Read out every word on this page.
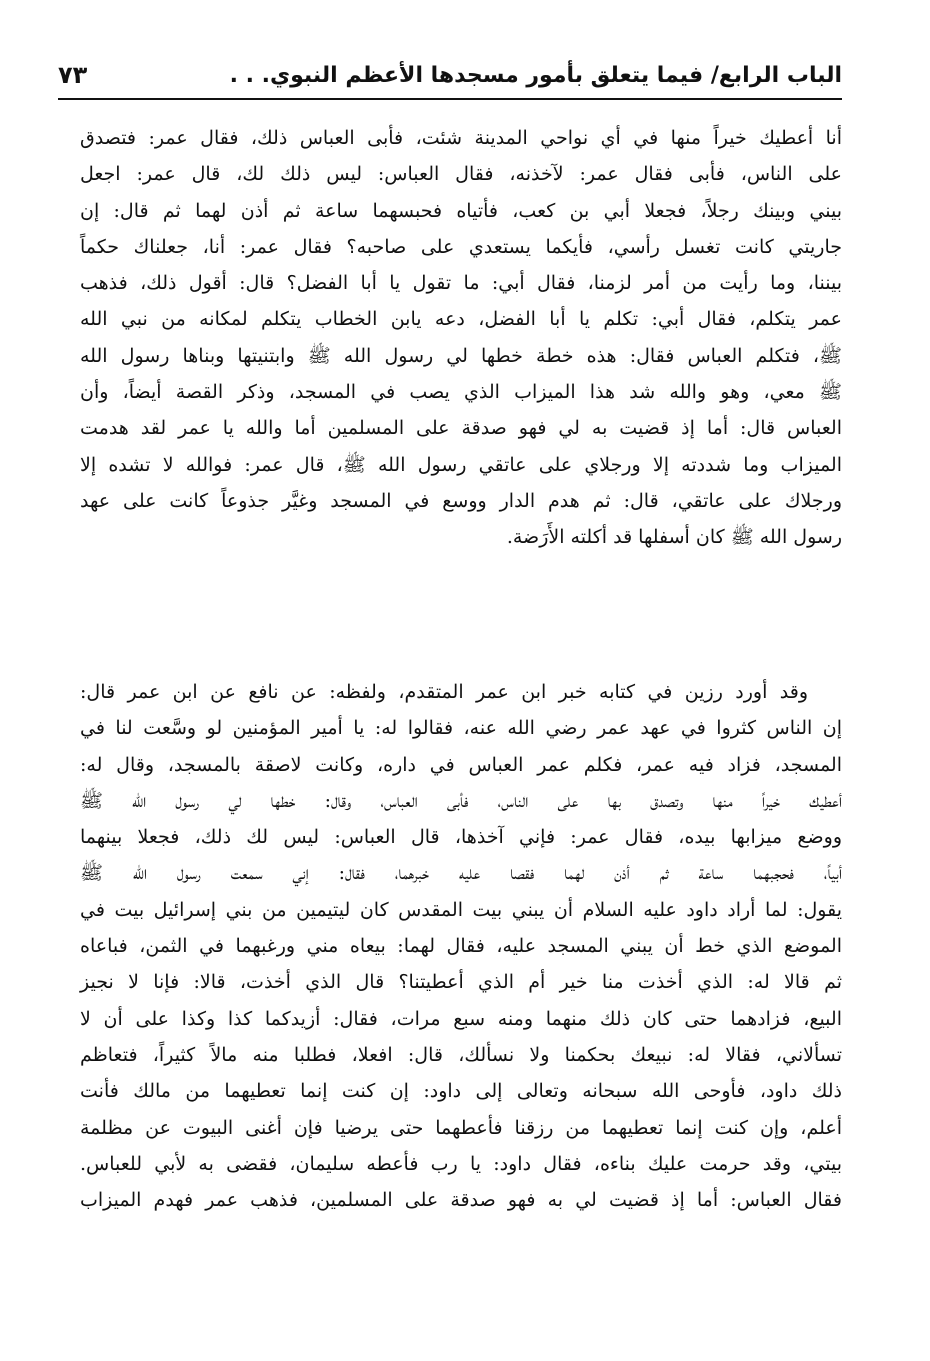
الباب الرابع/ فيما يتعلق بأمور مسجدها الأعظم النبوي. . .
٧٣
أنا أعطيك خيراً منها في أي نواحي المدينة شئت، فأبى العباس ذلك، فقال عمر: فتصدق
على الناس، فأبى فقال عمر: لآخذنه، فقال العباس: ليس ذلك لك، قال عمر: اجعل
بيني وبينك رجلاً، فجعلا أبي بن كعب، فأتياه فحبسهما ساعة ثم أذن لهما ثم قال: إن
جاريتي كانت تغسل رأسي، فأيكما يستعدي على صاحبه؟ فقال عمر: أنا، جعلناك حكماً
بيننا، وما رأيت من أمر لزمنا، فقال أبي: ما تقول يا أبا الفضل؟ قال: أقول ذلك، فذهب
عمر يتكلم، فقال أبي: تكلم يا أبا الفضل، دعه يابن الخطاب يتكلم لمكانه من نبي الله
ﷺ، فتكلم العباس فقال: هذه خطة خطها لي رسول الله ﷺ وابتنيتها وبناها رسول الله
ﷺ معي، وهو والله شد هذا الميزاب الذي يصب في المسجد، وذكر القصة أيضاً، وأن
العباس قال: أما إذ قضيت به لي فهو صدقة على المسلمين أما والله يا عمر لقد هدمت
الميزاب وما شددته إلا ورجلاي على عاتقي رسول الله ﷺ، قال عمر: فوالله لا تشده إلا
ورجلاك على عاتقي، قال: ثم هدم الدار ووسع في المسجد وغيَّر جذوعاً كانت على عهد
رسول الله ﷺ كان أسفلها قد أكلته الأَرَضة.
وقد أورد رزين في كتابه خبر ابن عمر المتقدم، ولفظه: عن نافع عن ابن عمر قال:
إن الناس كثروا في عهد عمر رضي الله عنه، فقالوا له: يا أمير المؤمنين لو وسَّعت لنا في
المسجد، فزاد فيه عمر، فكلم عمر العباس في داره، وكانت لاصقة بالمسجد، وقال له:
أعطيك خيراً منها وتصدق بها على الناس، فأبى العباس، وقال: خطها لي رسول الله ﷺ
ووضع ميزابها بيده، فقال عمر: فإني آخذها، قال العباس: ليس لك ذلك، فجعلا بينهما
أبياً، فحجبهما ساعة ثم أذن لهما فقصا عليه خبرهما، فقال: إني سمعت رسول الله ﷺ
يقول: لما أراد داود عليه السلام أن يبني بيت المقدس كان ليتيمين من بني إسرائيل بيت في
الموضع الذي خط أن يبني المسجد عليه، فقال لهما: بيعاه مني ورغبهما في الثمن، فباعاه
ثم قالا له: الذي أخذت منا خير أم الذي أعطيتنا؟ قال الذي أخذت، قالا: فإنا لا نجيز
البيع، فزادهما حتى كان ذلك منهما ومنه سبع مرات، فقال: أزيدكما كذا وكذا على أن لا
تسألاني، فقالا له: نبيعك بحكمنا ولا نسألك، قال: افعلا، فطلبا منه مالاً كثيراً، فتعاظم
ذلك داود، فأوحى الله سبحانه وتعالى إلى داود: إن كنت إنما تعطيهما من مالك فأنت
أعلم، وإن كنت إنما تعطيهما من رزقنا فأعطهما حتى يرضيا فإن أغنى البيوت عن مظلمة
بيتي، وقد حرمت عليك بناءه، فقال داود: يا رب فأعطه سليمان، فقضى به لأبي للعباس.
فقال العباس: أما إذ قضيت لي به فهو صدقة على المسلمين، فذهب عمر فهدم الميزاب
